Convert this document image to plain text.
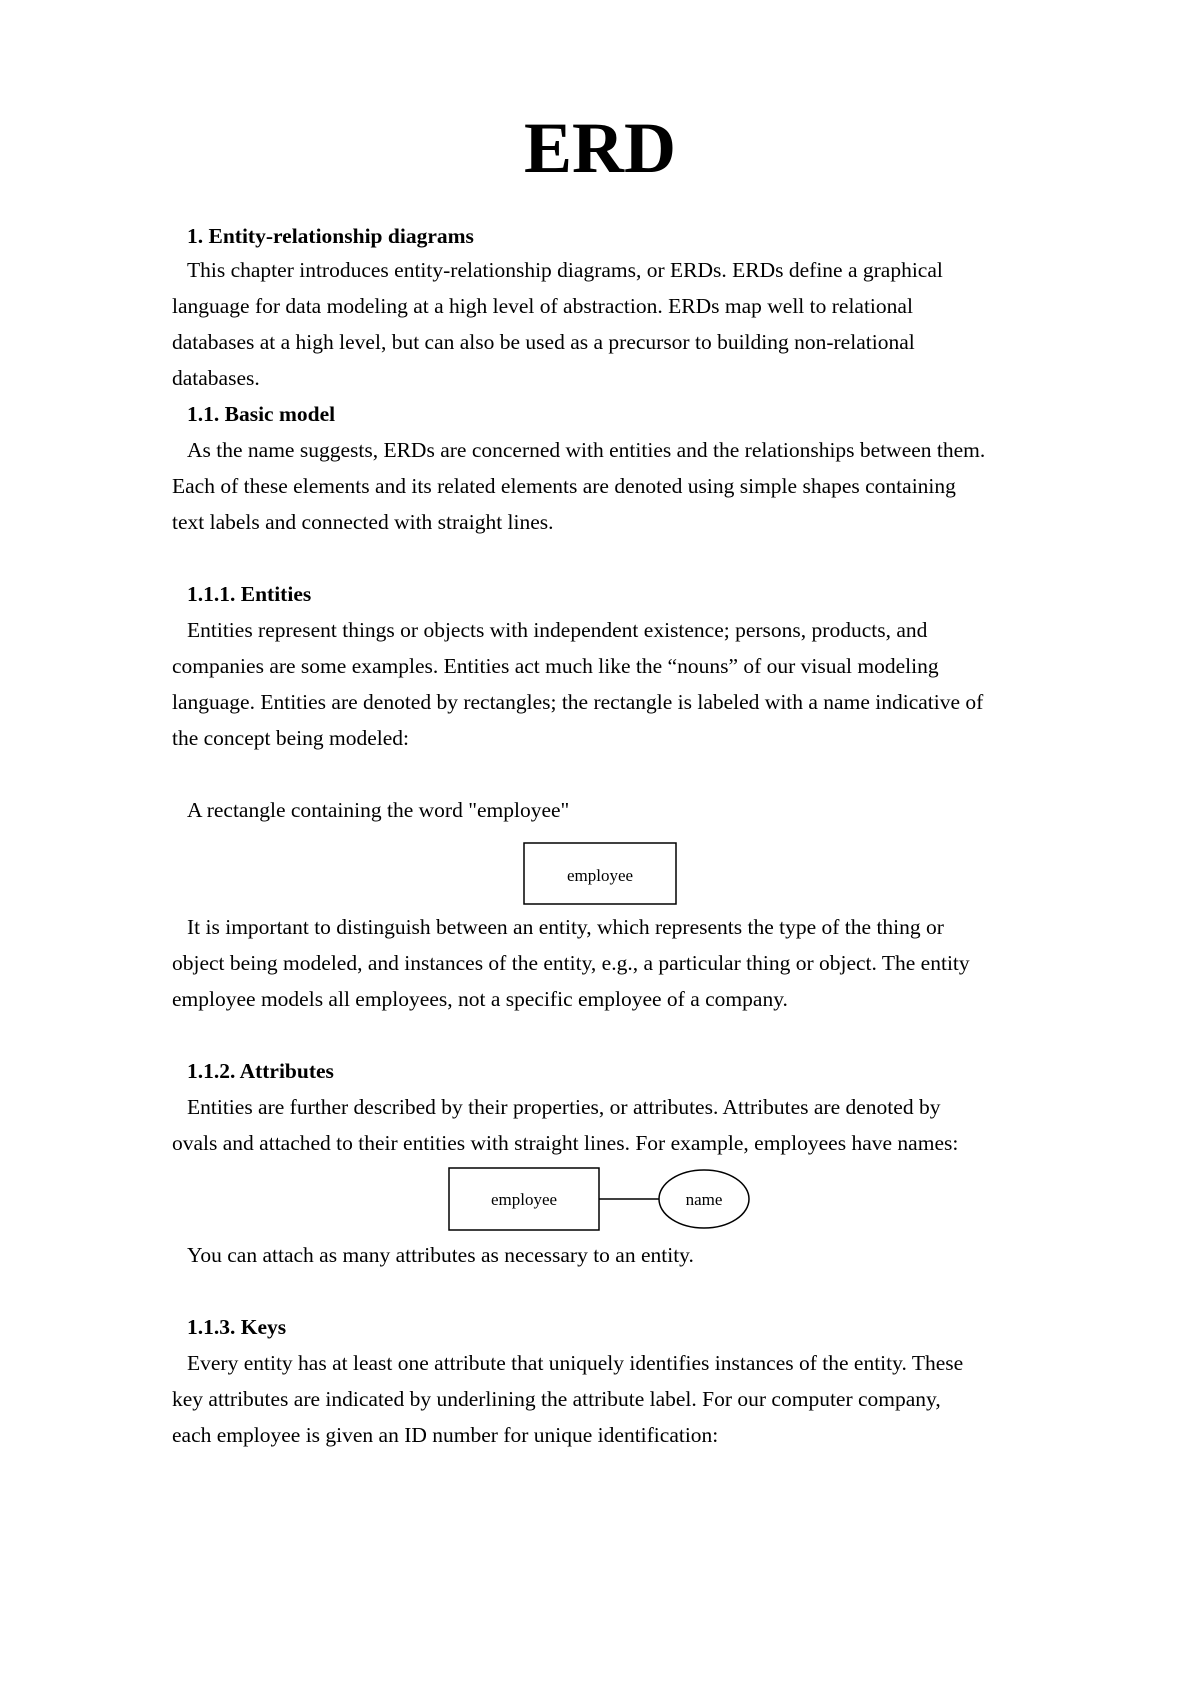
ERD

1. Entity-relationship diagrams

This chapter introduces entity-relationship diagrams, or ERDs. ERDs define a graphical

language for data modeling at a high level of abstraction. ERDs map well to relational

databases at a high level, but can also be used as a precursor to building non-relational

databases.

1.1. Basic model

As the name suggests, ERDs are concerned with entities and the relationships between them.

Each of these elements and its related elements are denoted using simple shapes containing

text labels and connected with straight lines.

1.1.1. Entities

Entities represent things or objects with independent existence; persons, products, and

companies are some examples. Entities act much like the “nouns” of our visual modeling

language. Entities are denoted by rectangles; the rectangle is labeled with a name indicative of

the concept being modeled:

A rectangle containing the word "employee"

employee
employee	name

It is important to distinguish between an entity, which represents the type of the thing or

object being modeled, and instances of the entity, e.g., a particular thing or object. The entity

employee models all employees, not a specific employee of a company.

1.1.2. Attributes

Entities are further described by their properties, or attributes. Attributes are denoted by

ovals and attached to their entities with straight lines. For example, employees have names:

You can attach as many attributes as necessary to an entity.

1.1.3. Keys

Every entity has at least one attribute that uniquely identifies instances of the entity. These

key attributes are indicated by underlining the attribute label. For our computer company,

each employee is given an ID number for unique identification:
